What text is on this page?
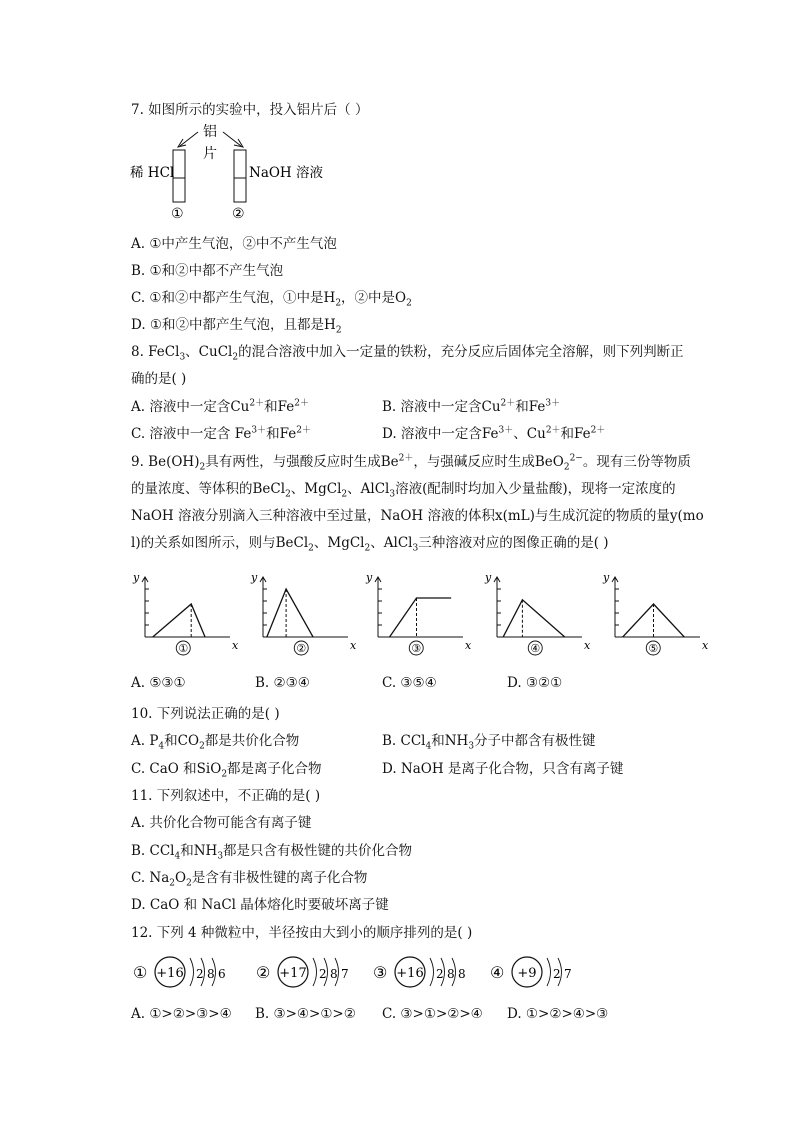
7. 如图所示的实验中，投入铝片后（ ）
铝
片
稀 HCl	NaOH 溶液
①	②
A. ①中产生气泡，②中不产生气泡
B. ①和②中都不产生气泡
C. ①和②中都产生气泡，①中是$H_2$，②中是$O_2$
D. ①和②中都产生气泡，且都是$H_2$
8. FeCl$_3$、CuCl$_2$的混合溶液中加入一定量的铁粉，充分反应后固体完全溶解，则下列判断正
确的是( )
A. 溶液中一定含$Cu^{2+}$和$Fe^{2+}$	B. 溶液中一定含$Cu^{2+}$和$Fe^{3+}$
C. 溶液中一定含 $Fe^{3+}$和$Fe^{2+}$	D. 溶液中一定含$Fe^{3+}$、$Cu^{2+}$和$Fe^{2+}$
9. $Be(OH)_2$具有两性，与强酸反应时生成$Be^{2+}$，与强碱反应时生成BeO$_2^{2-}$。现有三份等物质
的量浓度、等体积的BeCl$_2$、MgCl$_2$、AlCl$_3$溶液(配制时均加入少量盐酸)，现将一定浓度的
NaOH 溶液分别滴入三种溶液中至过量，NaOH 溶液的体积x(mL)与生成沉淀的物质的量y(mo
l)的关系如图所示，则与BeCl$_2$、MgCl$_2$、AlCl$_3$三种溶液对应的图像正确的是( )
y
x
①
y
x
②
y
x
③
y
x
④
y
x
⑤
A. ⑤③①	B. ②③④	C. ③⑤④	D. ③②①
10. 下列说法正确的是( )
A. $P_4$和$CO_2$都是共价化合物	B. CCl$_4$和$NH_3$分子中都含有极性键
C. CaO 和SiO$_2$都是离子化合物	D. NaOH 是离子化合物，只含有离子键
11. 下列叙述中，不正确的是( )
A. 共价化合物可能含有离子键
B. CCl$_4$和$NH_3$都是只含有极性键的共价化合物
C. $Na_2O_2$是含有非极性键的离子化合物
D. CaO 和 NaCl 晶体熔化时要破坏离子键
12. 下列 4 种微粒中，半径按由大到小的顺序排列的是( )
① +16 2 8 6 ② +17 2 8 7 ③ +16 2 8 8 ④ +9 2 7
A. ①>②>③>④ B. ③>④>①>② C. ③>①>②>④ D. ①>②>④>③
